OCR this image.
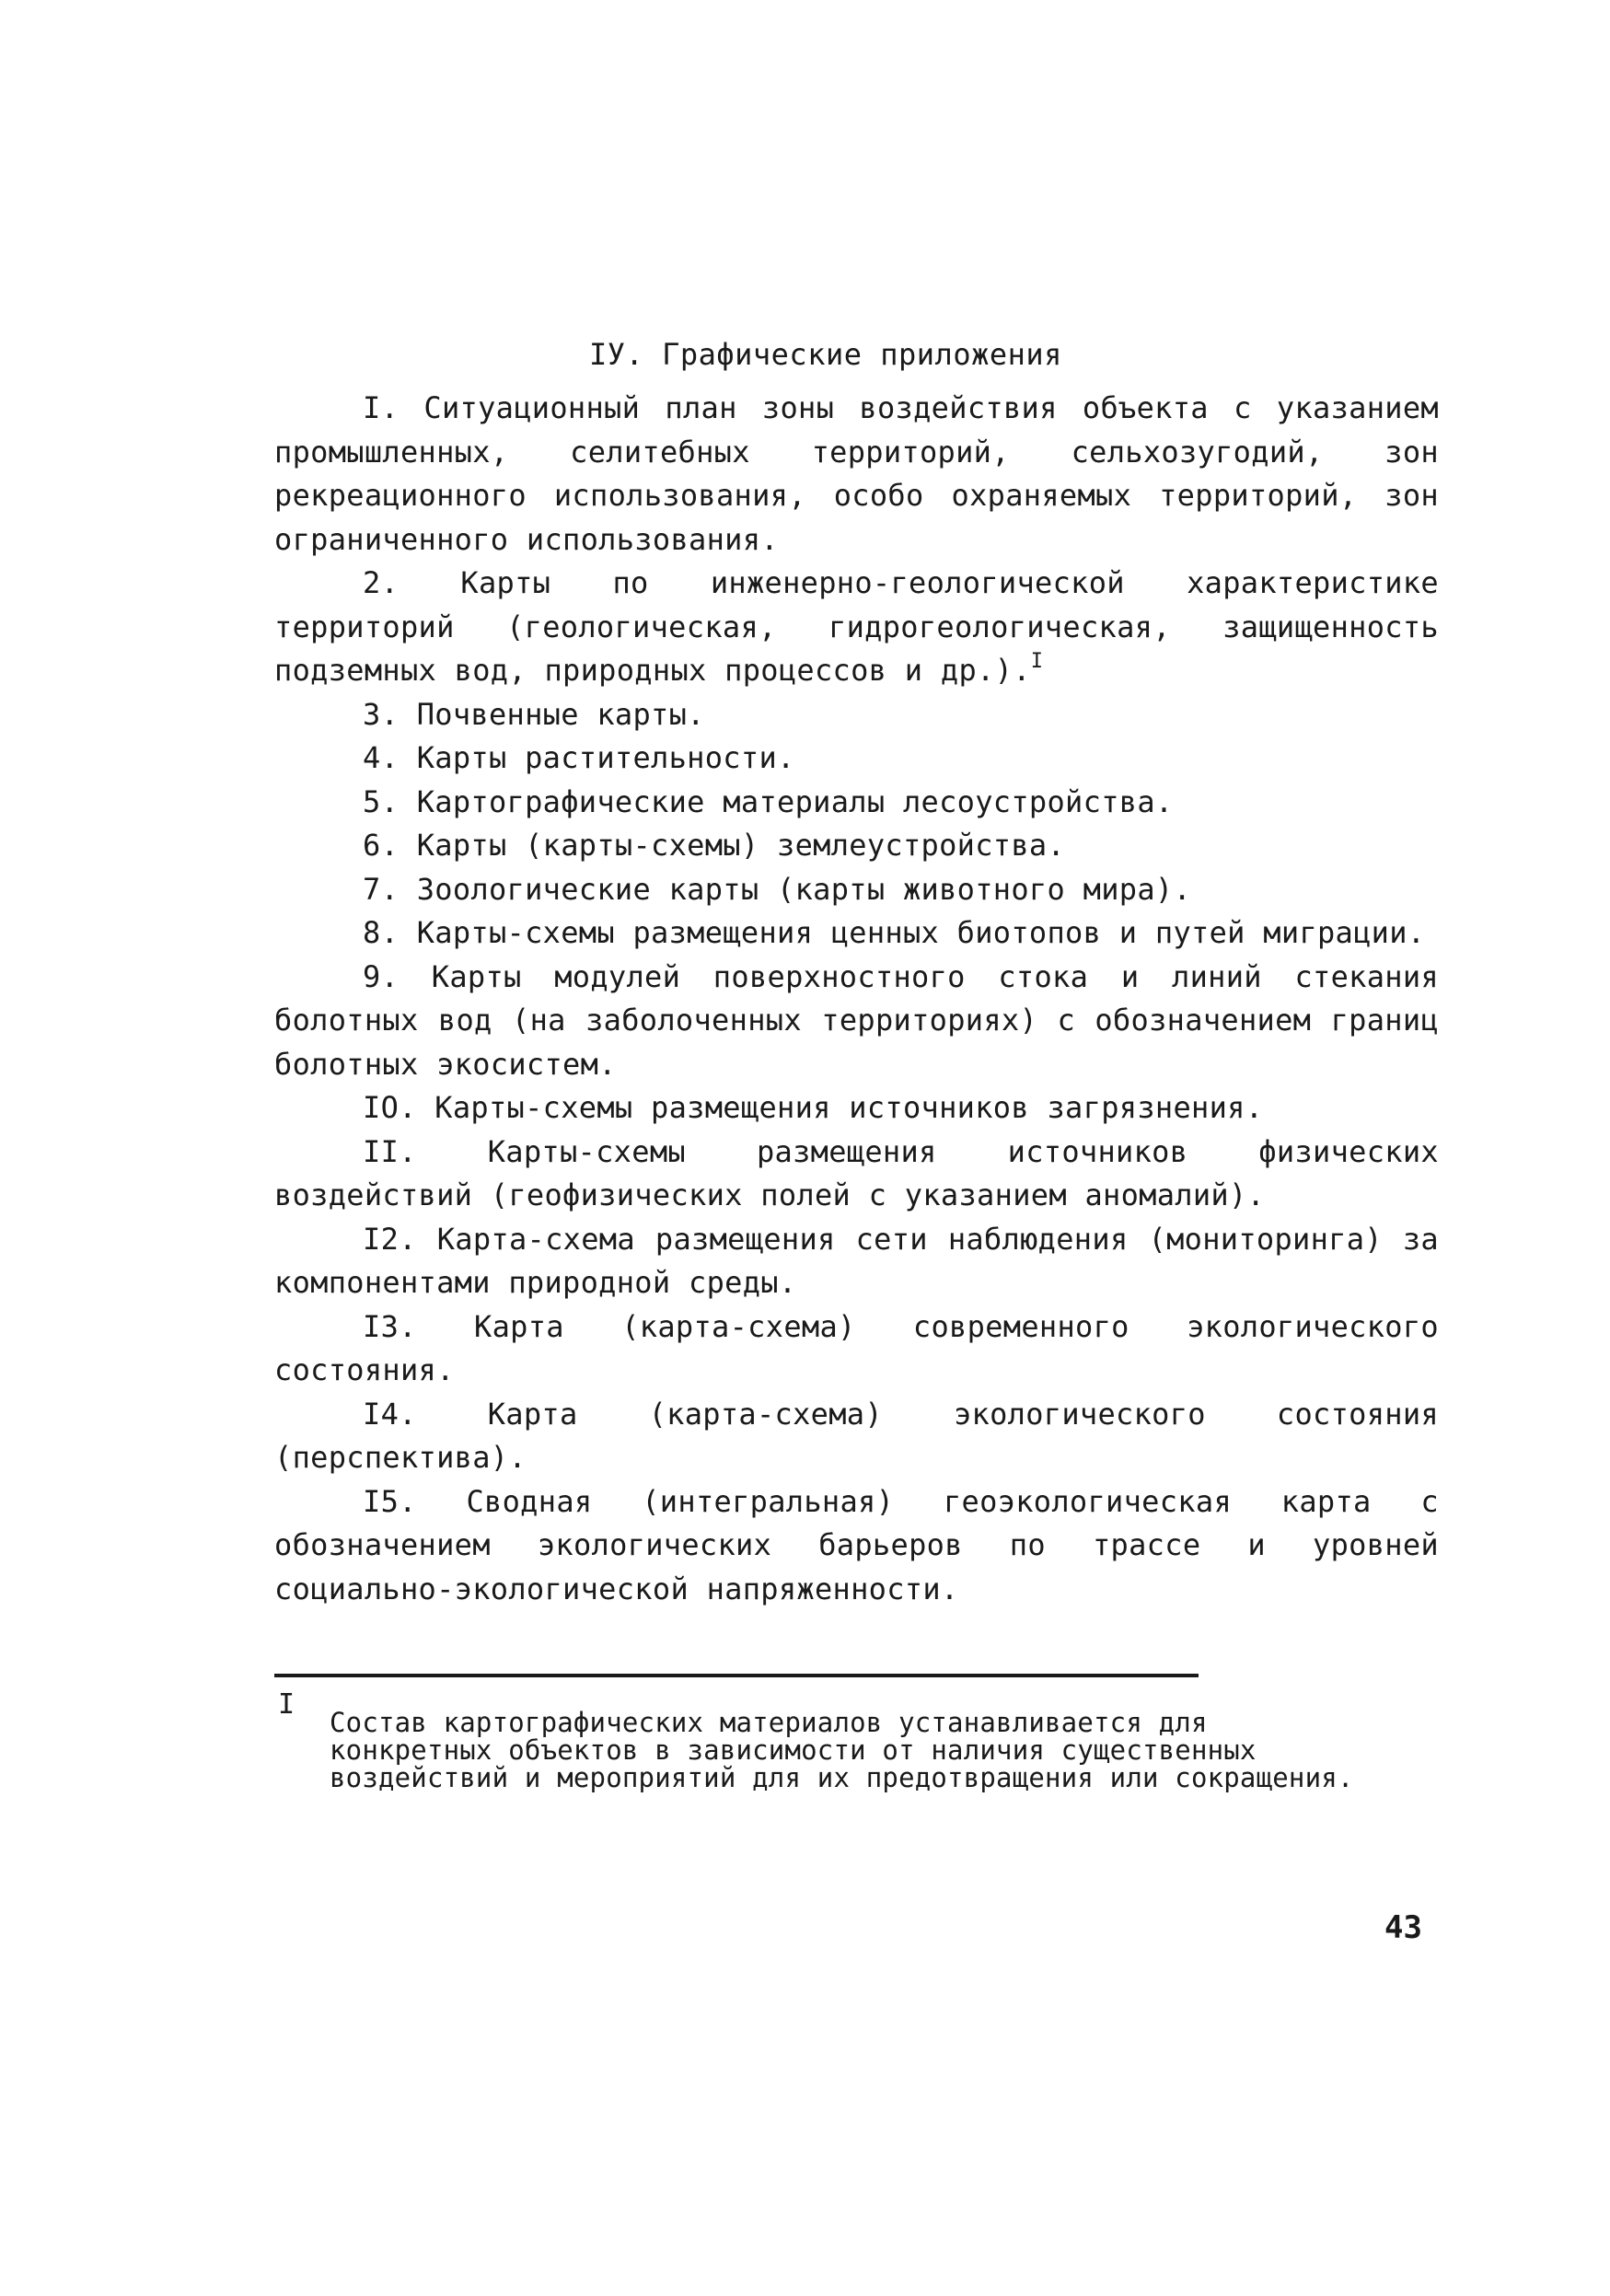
IУ. Графические приложения

I. Ситуационный план зоны воздействия объекта с указанием промышленных, селитебных территорий, сельхозугодий, зон рекреационного использования, особо охраняемых территорий, зон ограниченного использования.

2. Карты по инженерно-геологической характеристике территорий (геологическая, гидрогеологическая, защищенность подземных вод, природных процессов и др.).$^I$

3. Почвенные карты.

4. Карты растительности.

5. Картографические материалы лесоустройства.

6. Карты (карты-схемы) землеустройства.

7. Зоологические карты (карты животного мира).

8. Карты-схемы размещения ценных биотопов и путей миграции.

9. Карты модулей поверхностного стока и линий стекания болотных вод (на заболоченных территориях) с обозначением границ болотных экосистем.

IО. Карты-схемы размещения источников загрязнения.

II. Карты-схемы размещения источников физических воздействий (геофизических полей с указанием аномалий).

I2. Карта-схема размещения сети наблюдения (мониторинга) за компонентами природной среды.

I3. Карта (карта-схема) современного экологического состояния.

I4. Карта (карта-схема) экологического состояния (перспектива).

I5. Сводная (интегральная) геоэкологическая карта с обозначением экологических барьеров по трассе и уровней социально-экологической напряженности.

I
Состав картографических материалов устанавливается для конкретных объектов в зависимости от наличия существенных воздействий и мероприятий для их предотвращения или сокращения.
43
